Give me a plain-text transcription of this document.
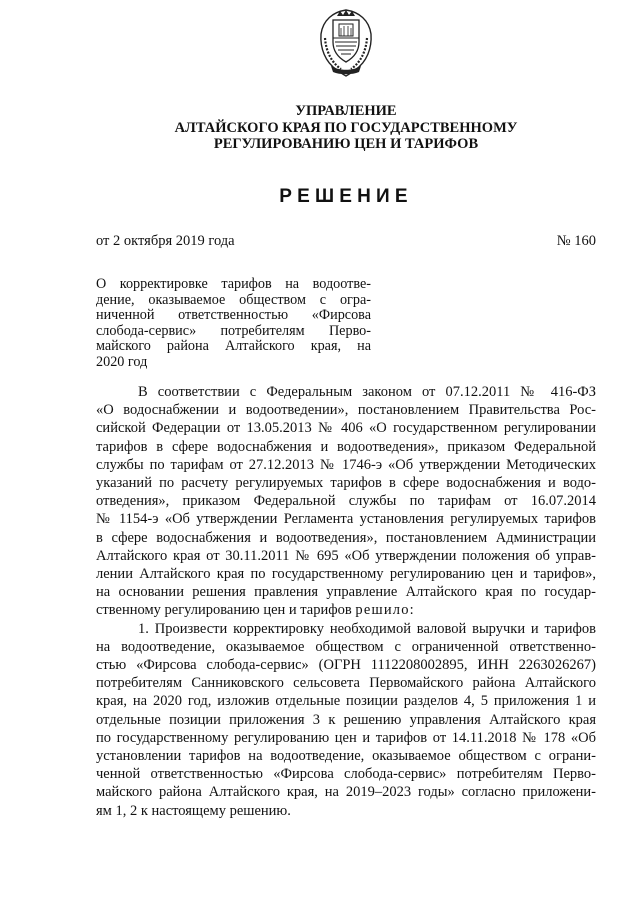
УПРАВЛЕНИЕ
АЛТАЙСКОГО КРАЯ ПО ГОСУДАРСТВЕННОМУ
РЕГУЛИРОВАНИЮ ЦЕН И ТАРИФОВ
РЕШЕНИЕ
от 2 октября 2019 года	№ 160
О корректировке тарифов на водоотве-
дение, оказываемое обществом с огра-
ниченной ответственностью «Фирсова
слобода-сервис» потребителям Перво-
майского района Алтайского края, на
2020 год
В соответствии с Федеральным законом от 07.12.2011 № 416-ФЗ
«О водоснабжении и водоотведении», постановлением Правительства Рос-
сийской Федерации от 13.05.2013 № 406 «О государственном регулировании
тарифов в сфере водоснабжения и водоотведения», приказом Федеральной
службы по тарифам от 27.12.2013 № 1746-э «Об утверждении Методических
указаний по расчету регулируемых тарифов в сфере водоснабжения и водо-
отведения», приказом Федеральной службы по тарифам от 16.07.2014
№ 1154-э «Об утверждении Регламента установления регулируемых тарифов
в сфере водоснабжения и водоотведения», постановлением Администрации
Алтайского края от 30.11.2011 № 695 «Об утверждении положения об управ-
лении Алтайского края по государственному регулированию цен и тарифов»,
на основании решения правления управление Алтайского края по государ-
ственному регулированию цен и тарифов решило:
1. Произвести корректировку необходимой валовой выручки и тарифов
на водоотведение, оказываемое обществом с ограниченной ответственно-
стью «Фирсова слобода-сервис» (ОГРН 1112208002895, ИНН 2263026267)
потребителям Санниковского сельсовета Первомайского района Алтайского
края, на 2020 год, изложив отдельные позиции разделов 4, 5 приложения 1 и
отдельные позиции приложения 3 к решению управления Алтайского края
по государственному регулированию цен и тарифов от 14.11.2018 № 178 «Об
установлении тарифов на водоотведение, оказываемое обществом с ограни-
ченной ответственностью «Фирсова слобода-сервис» потребителям Перво-
майского района Алтайского края, на 2019–2023 годы» согласно приложени-
ям 1, 2 к настоящему решению.
